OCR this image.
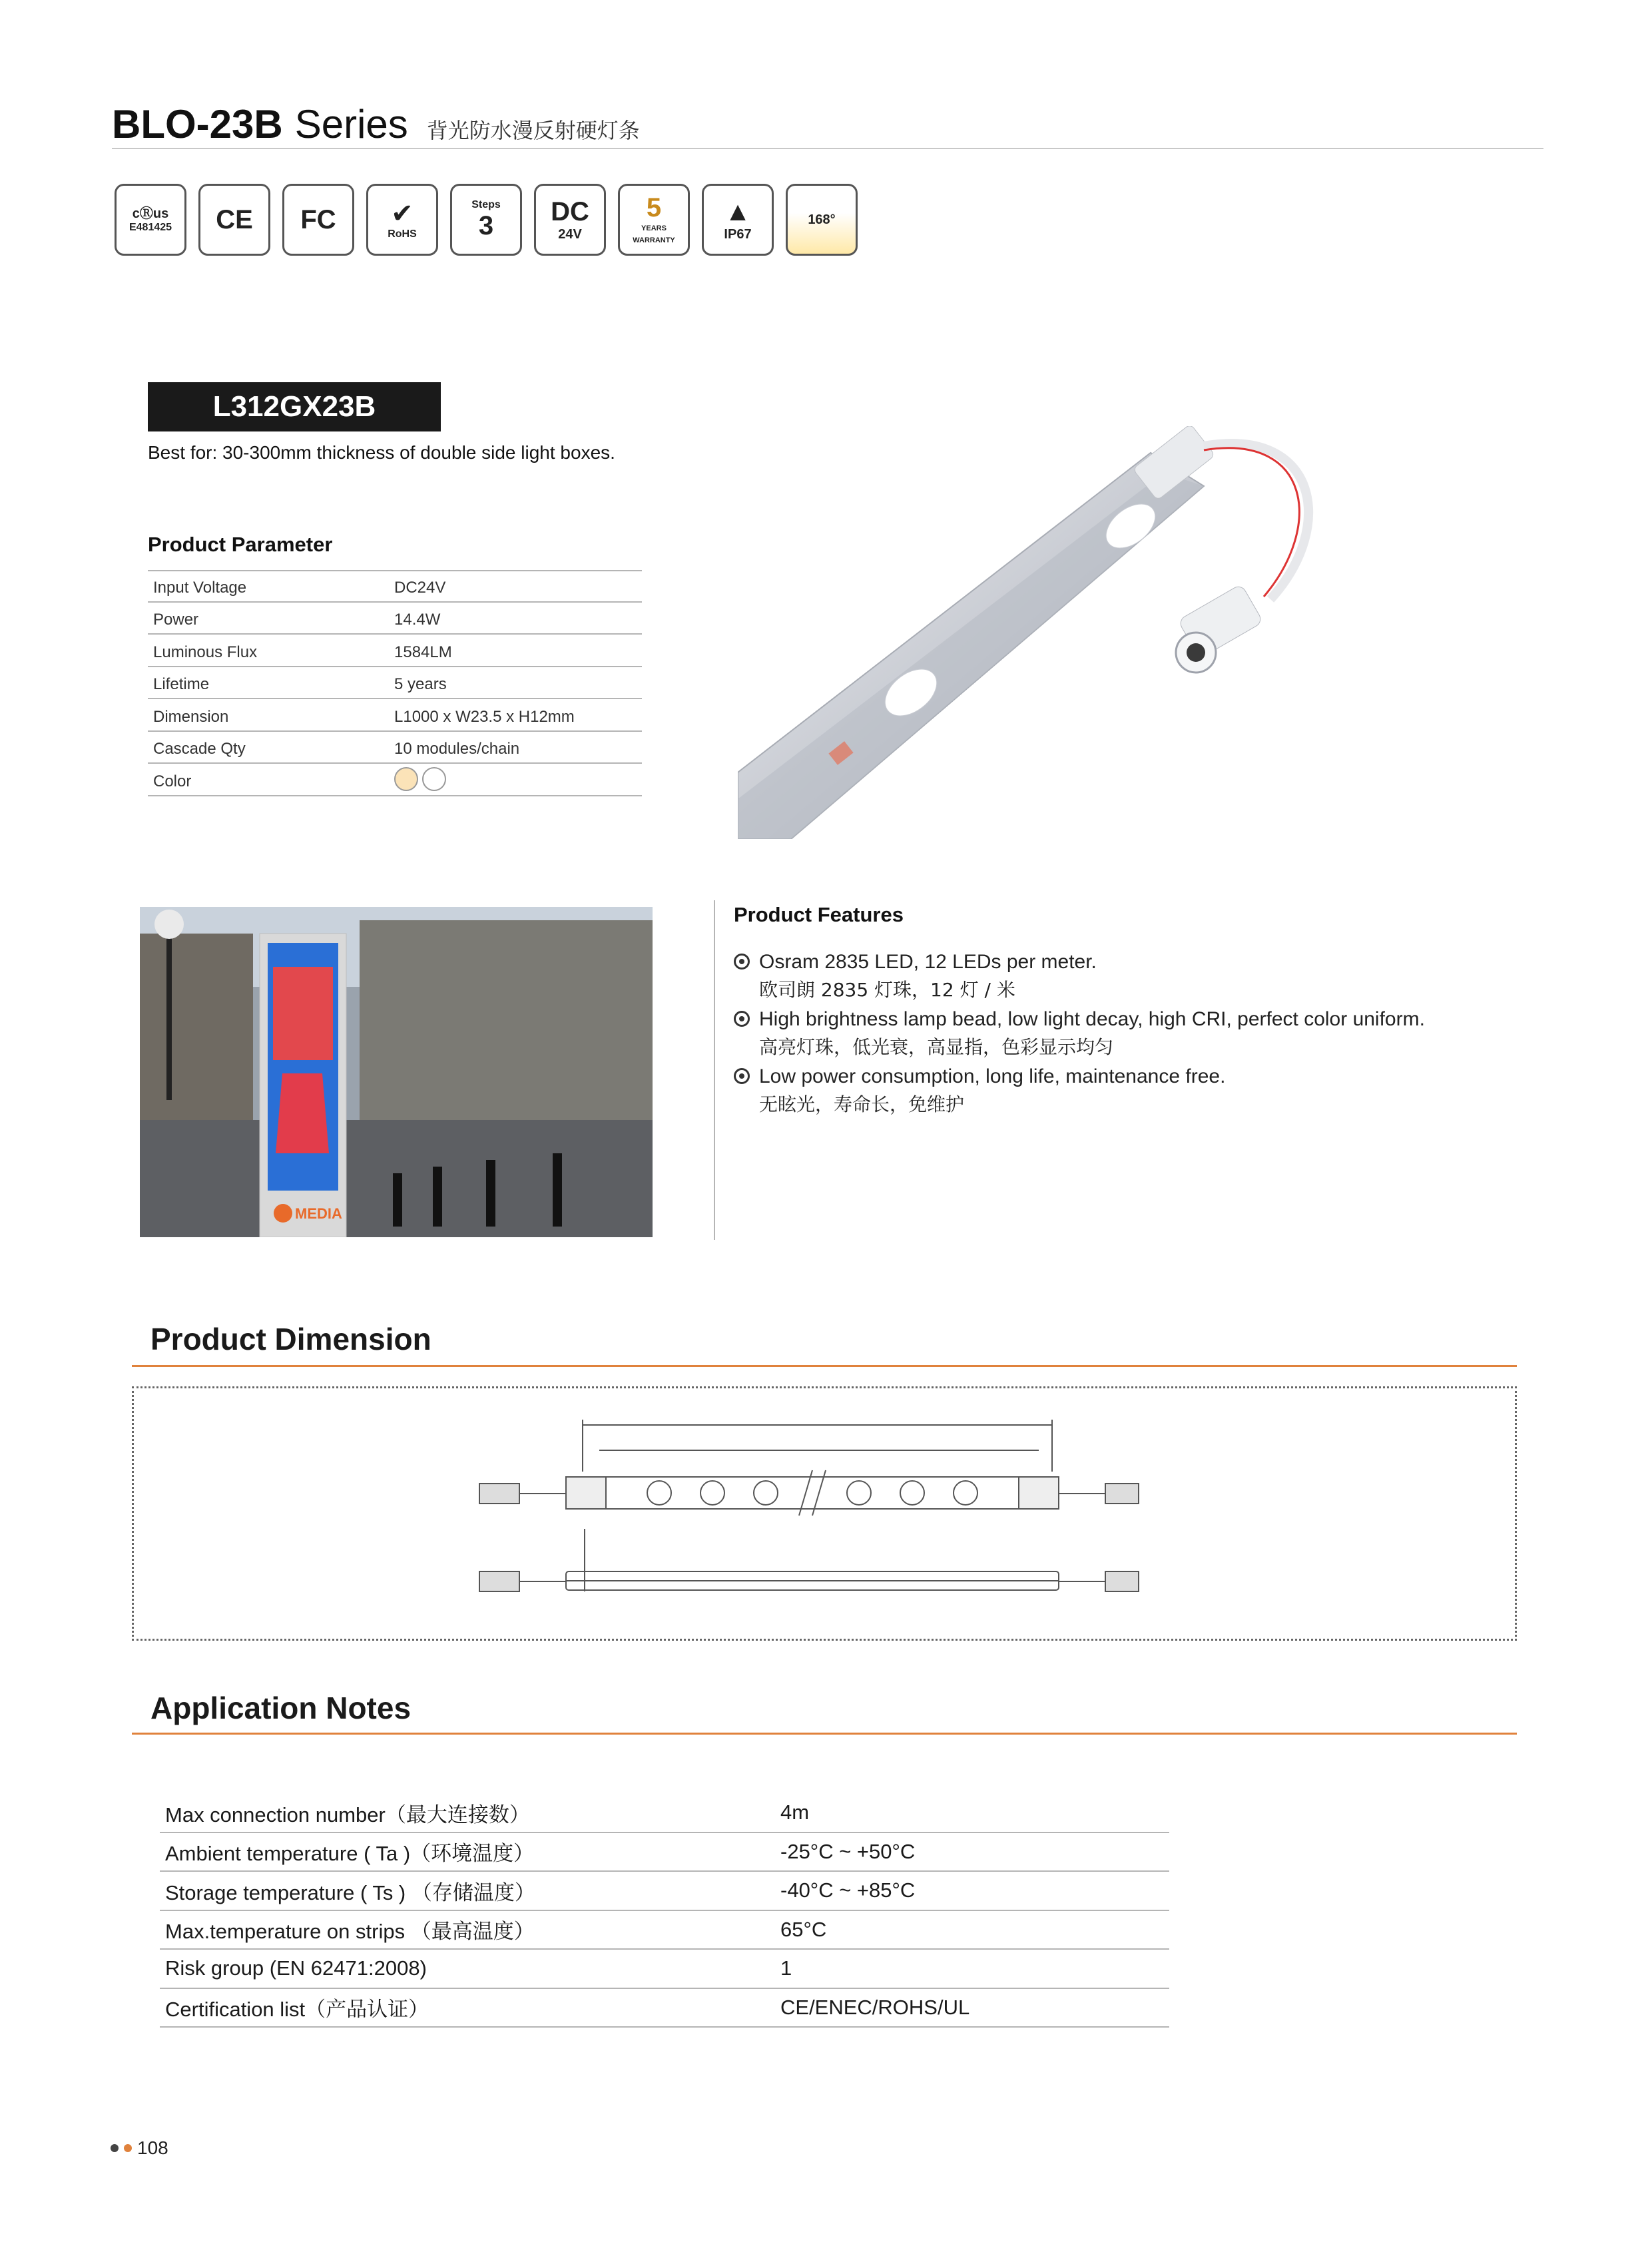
BLO-23B Series 背光防水漫反射硬灯条
cⓇus
E481425 CE FC ✔
RoHS
Steps
3 DC
24V
5
YEARS WARRANTY
▲
IP67
168°
L312GX23B
Best for: 30-300mm thickness of double side light boxes.
Product Parameter
Input Voltage	DC24V
Power	14.4W
Luminous Flux	1584LM
Lifetime	5 years
Dimension	L1000 x W23.5 x H12mm
Cascade Qty	10 modules/chain
Color
MEDIA
Product Features
Osram 2835 LED, 12 LEDs per meter.
欧司朗 2835 灯珠，12 灯 / 米
High brightness lamp bead, low light decay, high CRI, perfect color uniform.
高亮灯珠，低光衰，高显指，色彩显示均匀
Low power consumption, long life, maintenance free.
无眩光，寿命长，免维护
Product Dimension
Application Notes
Max connection number（最大连接数）	4m
Ambient temperature ( Ta )（环境温度）	-25°C ~ +50°C
Storage temperature ( Ts ) （存储温度）	-40°C ~ +85°C
Max.temperature on strips （最高温度）	65°C
Risk group (EN 62471:2008)	1
Certification list（产品认证）	CE/ENEC/ROHS/UL
108
